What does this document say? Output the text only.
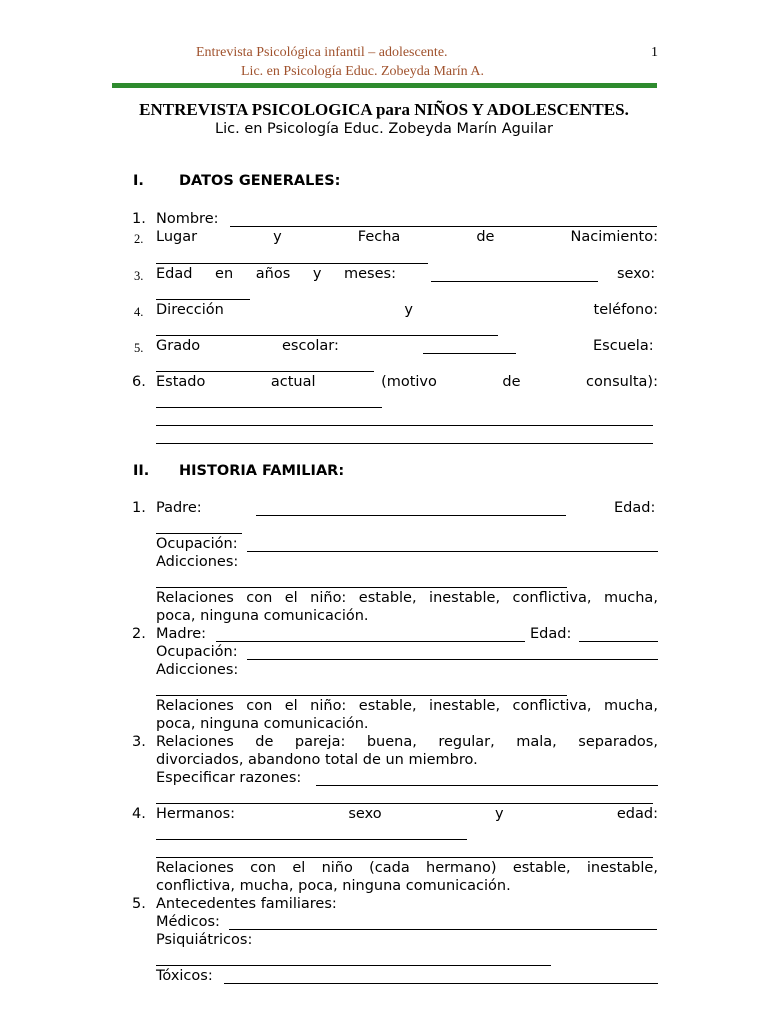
Entrevista Psicológica infantil – adolescente.
Lic. en Psicología Educ. Zobeyda Marín A.
1
ENTREVISTA PSICOLOGICA para NIÑOS Y ADOLESCENTES.
Lic. en Psicología Educ. Zobeyda Marín Aguilar
I. DATOS GENERALES:
1. Nombre:
2. Lugar	y	Fecha	de	Nacimiento:
3. Edad en años y meses:	sexo:
4. Dirección	y	teléfono:
5. Grado	escolar:	Escuela:
6. Estado	actual	(motivo	de	consulta):
II. HISTORIA FAMILIAR:
1. Padre:	Edad:
Ocupación:
Adicciones:
Relaciones con el niño: estable, inestable, conflictiva, mucha,
poca, ninguna comunicación.
2. Madre:	Edad:
Ocupación:
Adicciones:
Relaciones con el niño: estable, inestable, conflictiva, mucha,
poca, ninguna comunicación.
3. Relaciones de pareja: buena, regular, mala, separados,
divorciados, abandono total de un miembro.
Especificar razones:
4. Hermanos:	sexo	y	edad:
Relaciones con el niño (cada hermano) estable, inestable,
conflictiva, mucha, poca, ninguna comunicación.
5. Antecedentes familiares:
Médicos:
Psiquiátricos:
Tóxicos:
